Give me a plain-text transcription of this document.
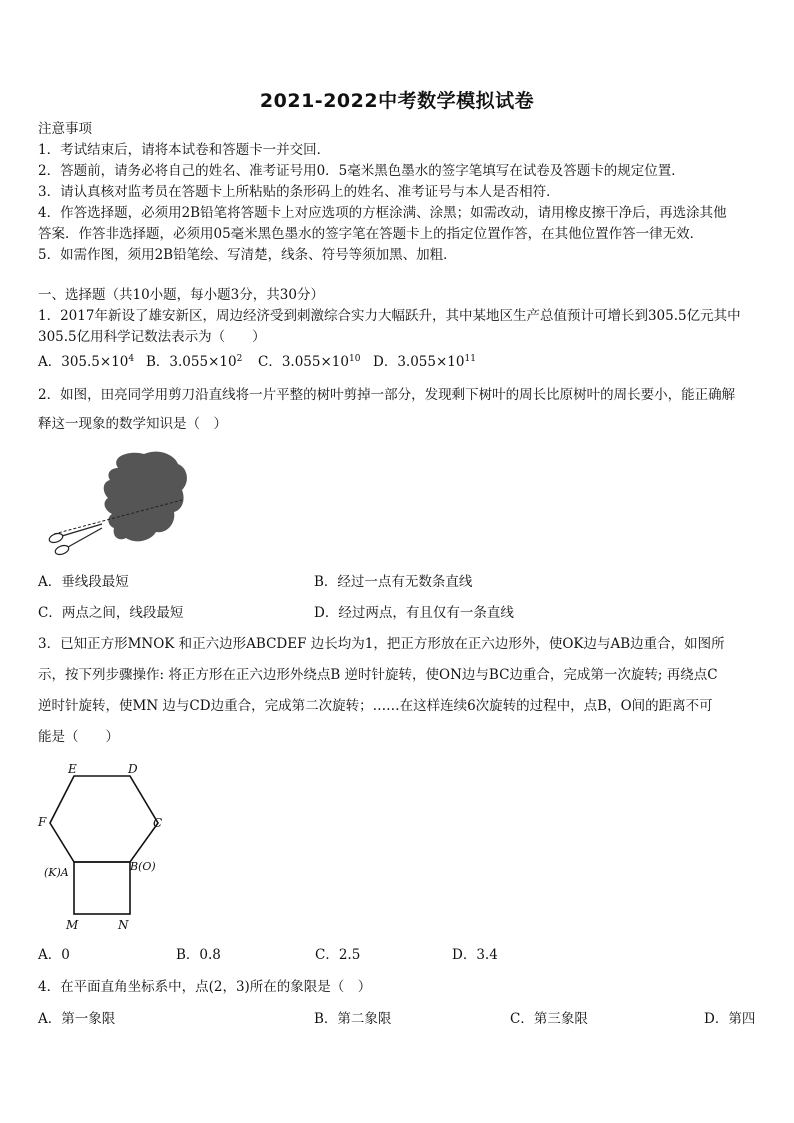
2021-2022中考数学模拟试卷
注意事项
1．考试结束后，请将本试卷和答题卡一并交回．
2．答题前，请务必将自己的姓名、准考证号用0．5毫米黑色墨水的签字笔填写在试卷及答题卡的规定位置．
3．请认真核对监考员在答题卡上所粘贴的条形码上的姓名、准考证号与本人是否相符．
4．作答选择题，必须用2B铅笔将答题卡上对应选项的方框涂满、涂黑；如需改动，请用橡皮擦干净后，再选涂其他
答案．作答非选择题，必须用05毫米黑色墨水的签字笔在答题卡上的指定位置作答，在其他位置作答一律无效．
5．如需作图，须用2B铅笔绘、写清楚，线条、符号等须加黑、加粗．
一、选择题（共10小题，每小题3分，共30分）
1．2017年新设了雄安新区，周边经济受到刺激综合实力大幅跃升，其中某地区生产总值预计可增长到305.5亿元其中
305.5亿用科学记数法表示为（　　）
A．$305.5\times 10^4$ B．$3.055\times 10^2$ C．$3.055\times 10^{10}$ D．$3.055\times 10^{11}$
2．如图，田亮同学用剪刀沿直线将一片平整的树叶剪掉一部分，发现剩下树叶的周长比原树叶的周长要小，能正确解
释这一现象的数学知识是（　）
A．垂线段最短	B．经过一点有无数条直线
C．两点之间，线段最短	D．经过两点，有且仅有一条直线
3．已知正方形MNOK 和正六边形ABCDEF 边长均为1，把正方形放在正六边形外，使OK边与AB边重合，如图所
示，按下列步骤操作: 将正方形在正六边形外绕点B 逆时针旋转，使ON边与BC边重合，完成第一次旋转; 再绕点C
逆时针旋转，使MN 边与CD边重合，完成第二次旋转；……在这样连续6次旋转的过程中，点B，O间的距离不可
能是（　　）
E	D
F	C
(K)A	B(O)
M	N
A．0	B．0.8	C．2.5	D．3.4
4．在平面直角坐标系中，点(2，3)所在的象限是（　）
A．第一象限	B．第二象限	C．第三象限	D．第四
